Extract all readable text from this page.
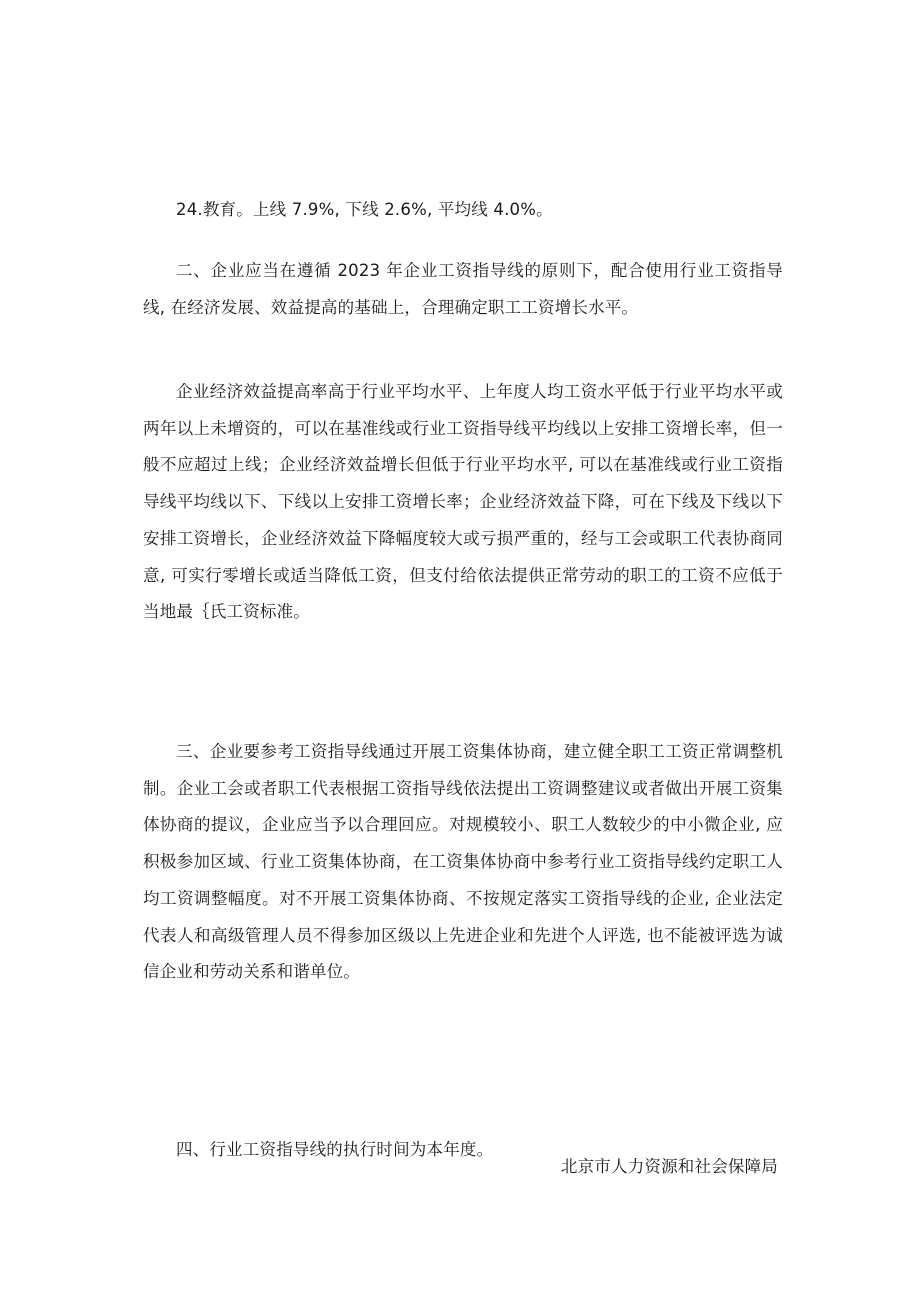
24.教育。上线 7.9%, 下线 2.6%, 平均线 4.0%。

二、企业应当在遵循 2023 年企业工资指导线的原则下，配合使用行业工资指导线, 在经济发展、效益提高的基础上，合理确定职工工资增长水平。

企业经济效益提高率高于行业平均水平、上年度人均工资水平低于行业平均水平或两年以上未增资的，可以在基准线或行业工资指导线平均线以上安排工资增长率，但一般不应超过上线；企业经济效益增长但低于行业平均水平, 可以在基准线或行业工资指导线平均线以下、下线以上安排工资增长率；企业经济效益下降，可在下线及下线以下安排工资增长，企业经济效益下降幅度较大或亏损严重的，经与工会或职工代表协商同意, 可实行零增长或适当降低工资，但支付给依法提供正常劳动的职工的工资不应低于当地最｛氏工资标准。

三、企业要参考工资指导线通过开展工资集体协商，建立健全职工工资正常调整机制。企业工会或者职工代表根据工资指导线依法提出工资调整建议或者做出开展工资集体协商的提议，企业应当予以合理回应。对规模较小、职工人数较少的中小微企业, 应积极参加区域、行业工资集体协商，在工资集体协商中参考行业工资指导线约定职工人均工资调整幅度。对不开展工资集体协商、不按规定落实工资指导线的企业, 企业法定代表人和高级管理人员不得参加区级以上先进企业和先进个人评选, 也不能被评选为诚信企业和劳动关系和谐单位。

四、行业工资指导线的执行时间为本年度。

北京市人力资源和社会保障局
